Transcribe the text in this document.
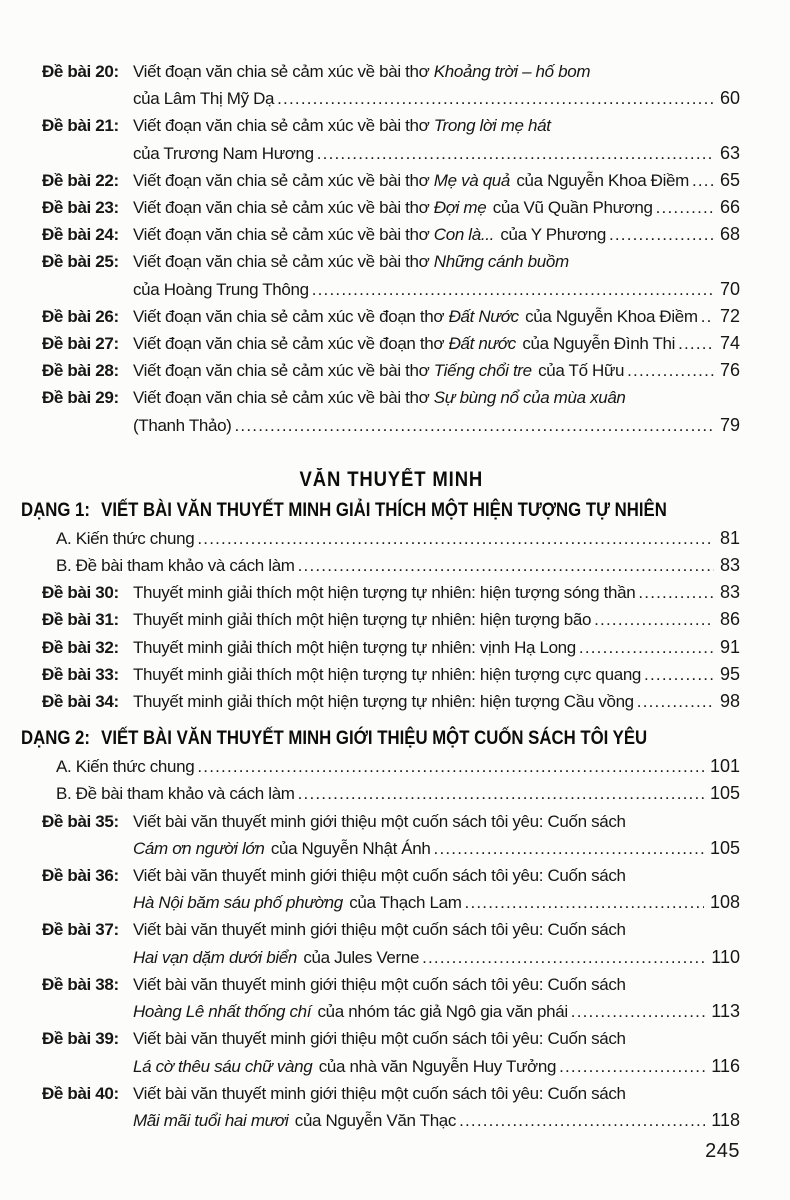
Đề bài 20: Viết đoạn văn chia sẻ cảm xúc về bài thơ Khoảng trời – hố bom
của Lâm Thị Mỹ Dạ .....	60
Đề bài 21: Viết đoạn văn chia sẻ cảm xúc về bài thơ Trong lời mẹ hát
của Trương Nam Hương .....	63
Đề bài 22: Viết đoạn văn chia sẻ cảm xúc về bài thơ Mẹ và quả của Nguyễn Khoa Điềm ..... 65
Đề bài 23: Viết đoạn văn chia sẻ cảm xúc về bài thơ Đợi mẹ của Vũ Quần Phương .....	66
Đề bài 24: Viết đoạn văn chia sẻ cảm xúc về bài thơ Con là... của Y Phương .....	68
Đề bài 25: Viết đoạn văn chia sẻ cảm xúc về bài thơ Những cánh buồm
của Hoàng Trung Thông .....	70
Đề bài 26: Viết đoạn văn chia sẻ cảm xúc về đoạn thơ Đất Nước của Nguyễn Khoa Điềm ..... 72
Đề bài 27: Viết đoạn văn chia sẻ cảm xúc về đoạn thơ Đất nước của Nguyễn Đình Thi ..... 74
Đề bài 28: Viết đoạn văn chia sẻ cảm xúc về bài thơ Tiếng chổi tre của Tố Hữu .....	76
Đề bài 29: Viết đoạn văn chia sẻ cảm xúc về bài thơ Sự bùng nổ của mùa xuân
(Thanh Thảo) .....	79
VĂN THUYẾT MINH
DẠNG 1: VIẾT BÀI VĂN THUYẾT MINH GIẢI THÍCH MỘT HIỆN TƯỢNG TỰ NHIÊN
A. Kiến thức chung .....	81
B. Đề bài tham khảo và cách làm .....	83
Đề bài 30: Thuyết minh giải thích một hiện tượng tự nhiên: hiện tượng sóng thần .....	83
Đề bài 31: Thuyết minh giải thích một hiện tượng tự nhiên: hiện tượng bão .....	86
Đề bài 32: Thuyết minh giải thích một hiện tượng tự nhiên: vịnh Hạ Long .....	91
Đề bài 33: Thuyết minh giải thích một hiện tượng tự nhiên: hiện tượng cực quang .....	95
Đề bài 34: Thuyết minh giải thích một hiện tượng tự nhiên: hiện tượng Cầu vồng .....	98
DẠNG 2: VIẾT BÀI VĂN THUYẾT MINH GIỚI THIỆU MỘT CUỐN SÁCH TÔI YÊU
A. Kiến thức chung .....	101
B. Đề bài tham khảo và cách làm .....	105
Đề bài 35: Viết bài văn thuyết minh giới thiệu một cuốn sách tôi yêu: Cuốn sách
Cám ơn người lớn của Nguyễn Nhật Ánh .....	105
Đề bài 36: Viết bài văn thuyết minh giới thiệu một cuốn sách tôi yêu: Cuốn sách
Hà Nội băm sáu phố phường của Thạch Lam .....	108
Đề bài 37: Viết bài văn thuyết minh giới thiệu một cuốn sách tôi yêu: Cuốn sách
Hai vạn dặm dưới biển của Jules Verne .....	110
Đề bài 38: Viết bài văn thuyết minh giới thiệu một cuốn sách tôi yêu: Cuốn sách
Hoàng Lê nhất thống chí của nhóm tác giả Ngô gia văn phái .....	113
Đề bài 39: Viết bài văn thuyết minh giới thiệu một cuốn sách tôi yêu: Cuốn sách
Lá cờ thêu sáu chữ vàng của nhà văn Nguyễn Huy Tưởng .....	116
Đề bài 40: Viết bài văn thuyết minh giới thiệu một cuốn sách tôi yêu: Cuốn sách
Mãi mãi tuổi hai mươi của Nguyễn Văn Thạc .....	118
245
